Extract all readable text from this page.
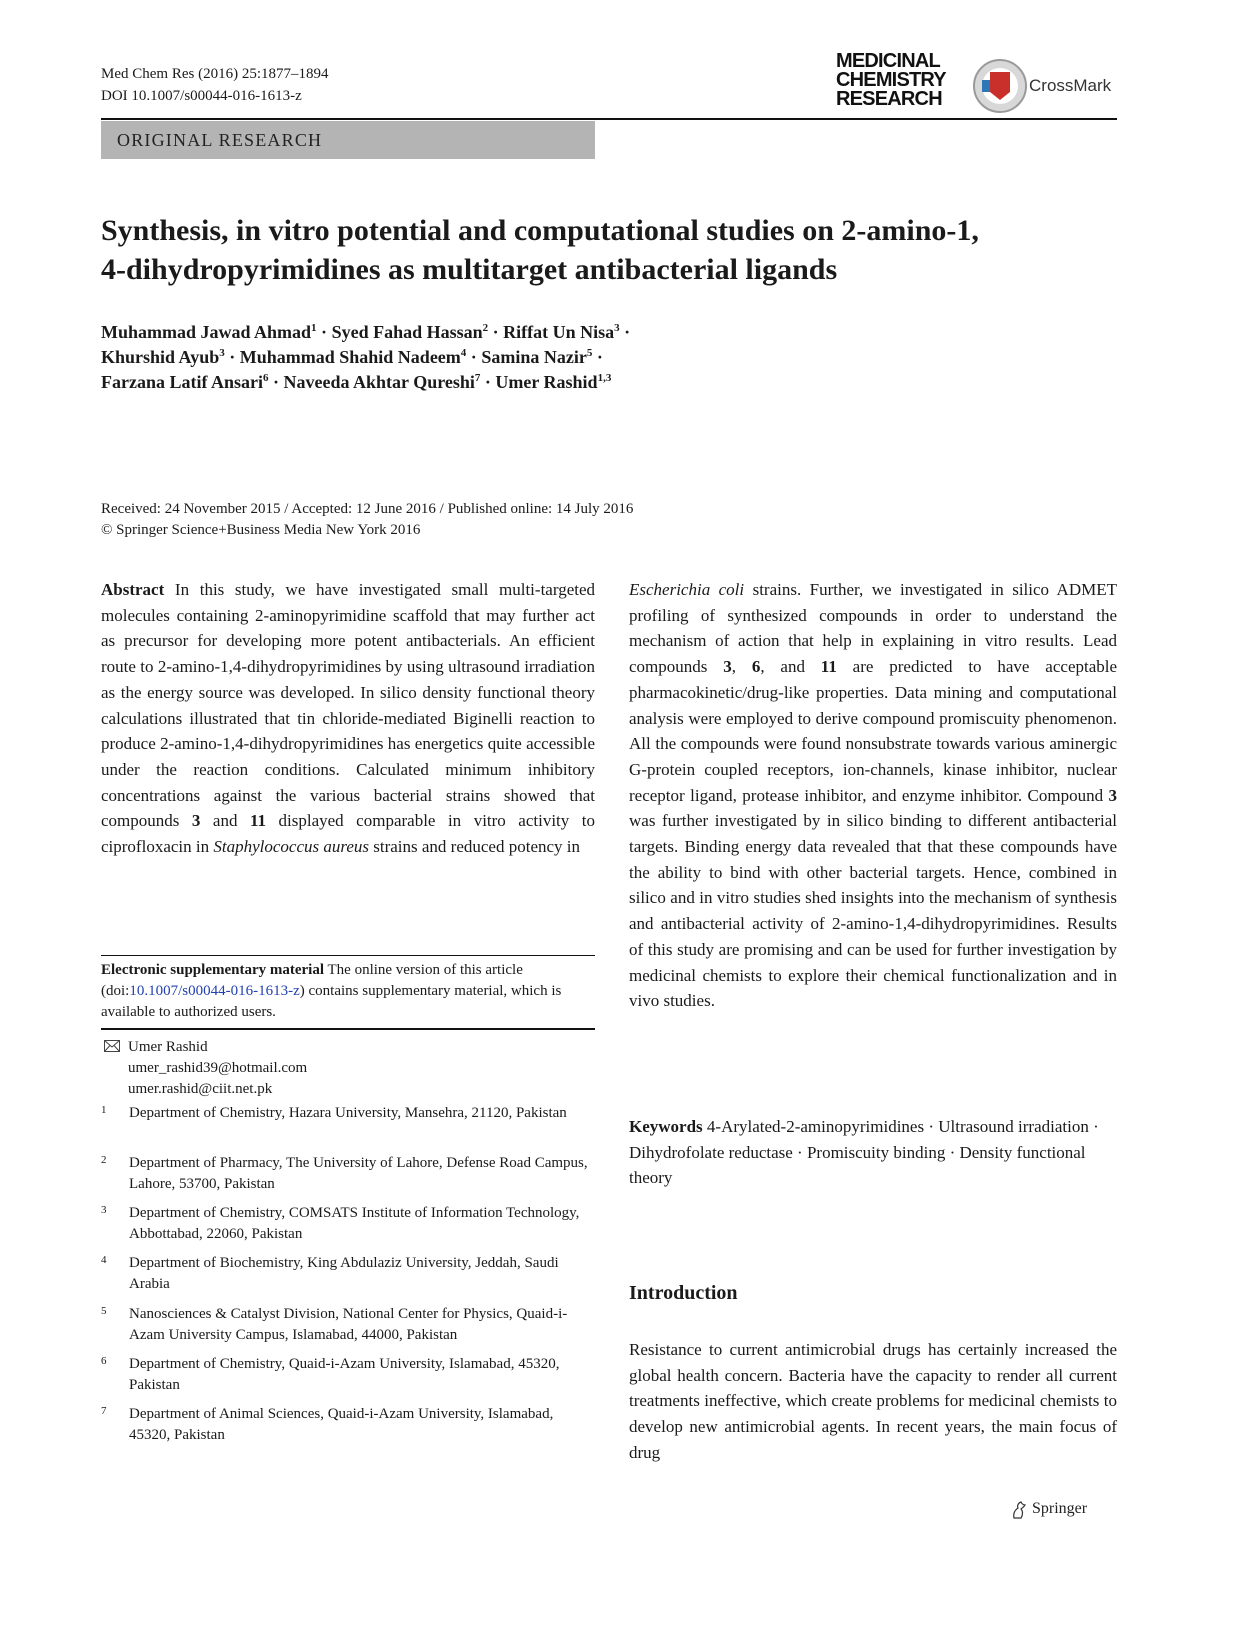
Med Chem Res (2016) 25:1877–1894
DOI 10.1007/s00044-016-1613-z
MEDICINAL
CHEMISTRY
RESEARCH
CrossMark
ORIGINAL RESEARCH
Synthesis, in vitro potential and computational studies on 2-amino-1,
4-dihydropyrimidines as multitarget antibacterial ligands
Muhammad Jawad Ahmad$^1$ · Syed Fahad Hassan$^2$ · Riffat Un Nisa$^3$ ·
Khurshid Ayub$^3$ · Muhammad Shahid Nadeem$^4$ · Samina Nazir$^5$ ·
Farzana Latif Ansari$^6$ · Naveeda Akhtar Qureshi$^7$ · Umer Rashid$^{1,3}$
Received: 24 November 2015 / Accepted: 12 June 2016 / Published online: 14 July 2016
© Springer Science+Business Media New York 2016
Abstract In this study, we have investigated small multi-targeted molecules containing 2-aminopyrimidine scaffold that may further act as precursor for developing more potent antibacterials. An efficient route to 2-amino-1,4-dihydropyrimidines by using ultrasound irradiation as the energy source was developed. In silico density functional theory calculations illustrated that tin chloride-mediated Biginelli reaction to produce 2-amino-1,4-dihydropyrimidines has energetics quite accessible under the reaction conditions. Calculated minimum inhibitory concentrations against the various bacterial strains showed that compounds 3 and 11 displayed comparable in vitro activity to ciprofloxacin in Staphylococcus aureus strains and reduced potency in
Escherichia coli strains. Further, we investigated in silico ADMET profiling of synthesized compounds in order to understand the mechanism of action that help in explaining in vitro results. Lead compounds 3, 6, and 11 are predicted to have acceptable pharmacokinetic/drug-like properties. Data mining and computational analysis were employed to derive compound promiscuity phenomenon. All the compounds were found nonsubstrate towards various aminergic G-protein coupled receptors, ion-channels, kinase inhibitor, nuclear receptor ligand, protease inhibitor, and enzyme inhibitor. Compound 3 was further investigated by in silico binding to different antibacterial targets. Binding energy data revealed that that these compounds have the ability to bind with other bacterial targets. Hence, combined in silico and in vitro studies shed insights into the mechanism of synthesis and antibacterial activity of 2-amino-1,4-dihydropyrimidines. Results of this study are promising and can be used for further investigation by medicinal chemists to explore their chemical functionalization and in vivo studies.
Electronic supplementary material The online version of this article (doi:10.1007/s00044-016-1613-z) contains supplementary material, which is available to authorized users.
Umer Rashid
umer_rashid39@hotmail.com
umer.rashid@ciit.net.pk
1 Department of Chemistry, Hazara University, Mansehra, 21120, Pakistan
2 Department of Pharmacy, The University of Lahore, Defense Road Campus, Lahore, 53700, Pakistan
3 Department of Chemistry, COMSATS Institute of Information Technology, Abbottabad, 22060, Pakistan
4 Department of Biochemistry, King Abdulaziz University, Jeddah, Saudi Arabia
5 Nanosciences & Catalyst Division, National Center for Physics, Quaid-i-Azam University Campus, Islamabad, 44000, Pakistan
6 Department of Chemistry, Quaid-i-Azam University, Islamabad, 45320, Pakistan
7 Department of Animal Sciences, Quaid-i-Azam University, Islamabad, 45320, Pakistan
Keywords 4-Arylated-2-aminopyrimidines · Ultrasound irradiation · Dihydrofolate reductase · Promiscuity binding · Density functional theory
Introduction
Resistance to current antimicrobial drugs has certainly increased the global health concern. Bacteria have the capacity to render all current treatments ineffective, which create problems for medicinal chemists to develop new antimicrobial agents. In recent years, the main focus of drug
Springer
